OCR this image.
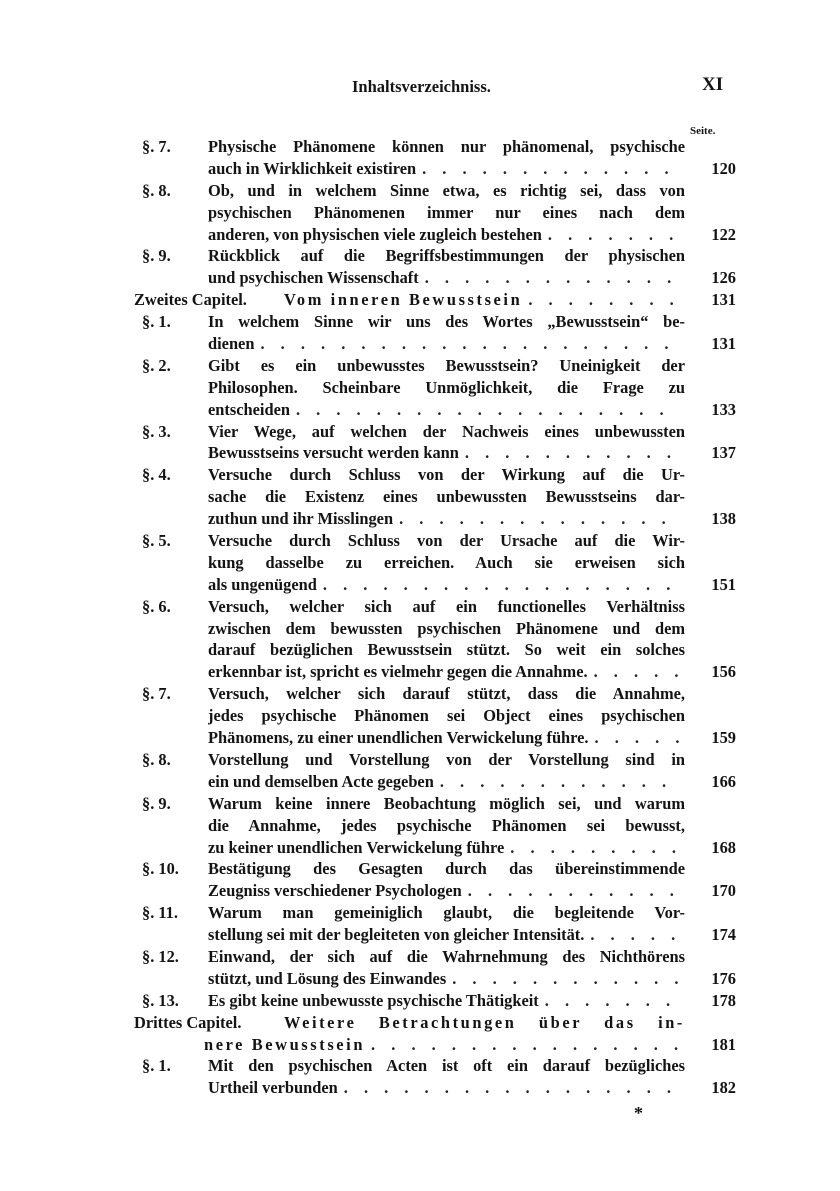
Inhaltsverzeichniss.	XI
Seite.
§. 7.	Physische Phänomene können nur phänomenal, psychische
auch in Wirklichkeit existiren . . .	120
§. 8.	Ob, und in welchem Sinne etwa, es richtig sei, dass von
psychischen Phänomenen immer nur eines nach dem
anderen, von physischen viele zugleich bestehen . . .	122
§. 9.	Rückblick auf die Begriffsbestimmungen der physischen
und psychischen Wissenschaft . . .	126
Zweites Capitel.	Vom inneren Bewusstsein . . .	131
§. 1.	In welchem Sinne wir uns des Wortes „Bewusstsein“ be-
dienen . . .	131
§. 2.	Gibt es ein unbewusstes Bewusstsein? Uneinigkeit der
Philosophen. Scheinbare Unmöglichkeit, die Frage zu
entscheiden . . .	133
§. 3.	Vier Wege, auf welchen der Nachweis eines unbewussten
Bewusstseins versucht werden kann . . .	137
§. 4.	Versuche durch Schluss von der Wirkung auf die Ur-
sache die Existenz eines unbewussten Bewusstseins dar-
zuthun und ihr Misslingen . . .	138
§. 5.	Versuche durch Schluss von der Ursache auf die Wir-
kung dasselbe zu erreichen. Auch sie erweisen sich
als ungenügend . . .	151
§. 6.	Versuch, welcher sich auf ein functionelles Verhältniss
zwischen dem bewussten psychischen Phänomene und dem
darauf bezüglichen Bewusstsein stützt. So weit ein solches
erkennbar ist, spricht es vielmehr gegen die Annahme. . . .	156
§. 7.	Versuch, welcher sich darauf stützt, dass die Annahme,
jedes psychische Phänomen sei Object eines psychischen
Phänomens, zu einer unendlichen Verwickelung führe. . . .	159
§. 8.	Vorstellung und Vorstellung von der Vorstellung sind in
ein und demselben Acte gegeben . . .	166
§. 9.	Warum keine innere Beobachtung möglich sei, und warum
die Annahme, jedes psychische Phänomen sei bewusst,
zu keiner unendlichen Verwickelung führe . . .	168
§. 10.	Bestätigung des Gesagten durch das übereinstimmende
Zeugniss verschiedener Psychologen . . .	170
§. 11.	Warum man gemeiniglich glaubt, die begleitende Vor-
stellung sei mit der begleiteten von gleicher Intensität. . . .	174
§. 12.	Einwand, der sich auf die Wahrnehmung des Nichthörens
stützt, und Lösung des Einwandes . . .	176
§. 13.	Es gibt keine unbewusste psychische Thätigkeit . . .	178
Drittes Capitel.	Weitere Betrachtungen über das in-
nere Bewusstsein . . .	181
§. 1.	Mit den psychischen Acten ist oft ein darauf bezügliches
Urtheil verbunden . . .	182
*
